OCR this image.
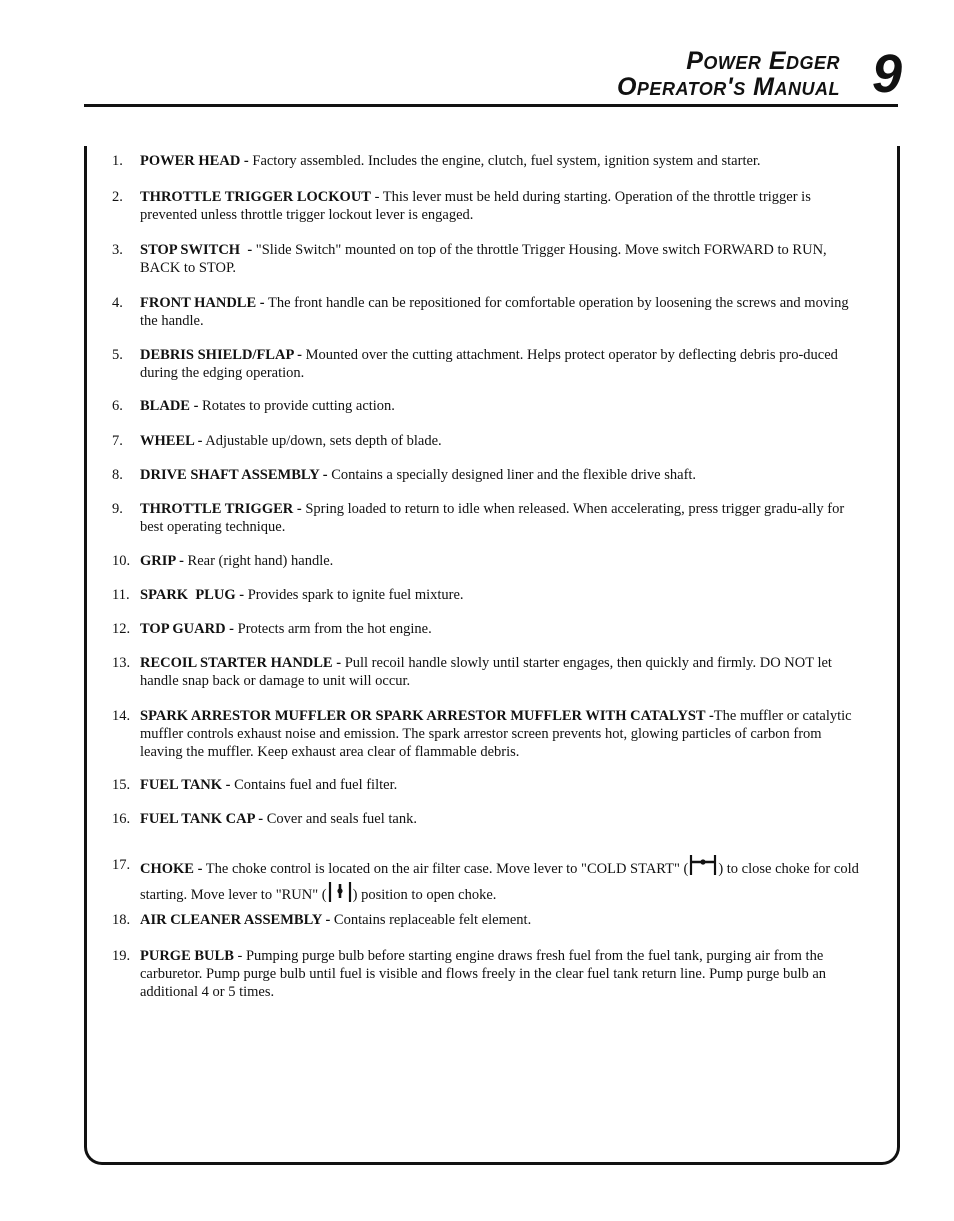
Power Edger
Operator's Manual 9
1. POWER HEAD - Factory assembled. Includes the engine, clutch, fuel system, ignition system and starter.
2. THROTTLE TRIGGER LOCKOUT - This lever must be held during starting. Operation of the throttle trigger is prevented unless throttle trigger lockout lever is engaged.
3. STOP SWITCH  - "Slide Switch" mounted on top of the throttle Trigger Housing. Move switch FORWARD to RUN, BACK to STOP.
4. FRONT HANDLE - The front handle can be repositioned for comfortable operation by loosening the screws and moving the handle.
5. DEBRIS SHIELD/FLAP - Mounted over the cutting attachment. Helps protect operator by deflecting debris pro-duced during the edging operation.
6. BLADE - Rotates to provide cutting action.
7. WHEEL - Adjustable up/down, sets depth of blade.
8. DRIVE SHAFT ASSEMBLY - Contains a specially designed liner and the flexible drive shaft.
9. THROTTLE TRIGGER - Spring loaded to return to idle when released. When accelerating, press trigger gradu-ally for best operating technique.
10. GRIP - Rear (right hand) handle.
11. SPARK  PLUG - Provides spark to ignite fuel mixture.
12. TOP GUARD - Protects arm from the hot engine.
13. RECOIL STARTER HANDLE - Pull recoil handle slowly until starter engages, then quickly and firmly. DO NOT let handle snap back or damage to unit will occur.
14. SPARK ARRESTOR MUFFLER OR SPARK ARRESTOR MUFFLER WITH CATALYST -The muffler or catalytic muffler controls exhaust noise and emission. The spark arrestor screen prevents hot, glowing particles of carbon from leaving the muffler. Keep exhaust area clear of flammable debris.
15. FUEL TANK - Contains fuel and fuel filter.
16. FUEL TANK CAP - Cover and seals fuel tank.
17. CHOKE - The choke control is located on the air filter case. Move lever to "COLD START" ( ) to close choke for cold starting. Move lever to "RUN" ( ) position to open choke.
18. AIR CLEANER ASSEMBLY - Contains replaceable felt element.
19. PURGE BULB - Pumping purge bulb before starting engine draws fresh fuel from the fuel tank, purging air from the carburetor. Pump purge bulb until fuel is visible and flows freely in the clear fuel tank return line. Pump purge bulb an additional 4 or 5 times.
